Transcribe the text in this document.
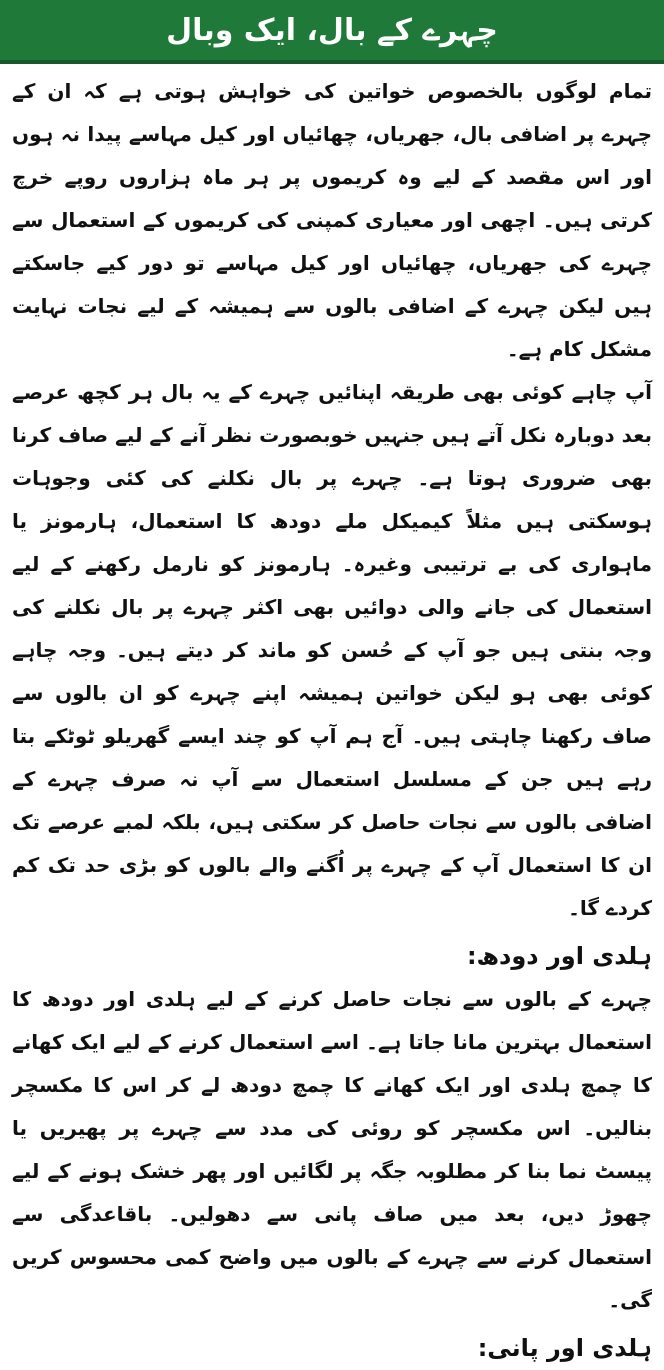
چہرے کے بال، ایک وبال

تمام لوگوں بالخصوص خواتین کی خواہش ہوتی ہے کہ ان کے چہرے پر اضافی بال، جھریاں، چھائیاں اور کیل مہاسے پیدا نہ ہوں اور اس مقصد کے لیے وہ کریموں پر ہر ماہ ہزاروں روپے خرچ کرتی ہیں۔ اچھی اور معیاری کمپنی کی کریموں کے استعمال سے چہرے کی جھریاں، چھائیاں اور کیل مہاسے تو دور کیے جاسکتے ہیں لیکن چہرے کے اضافی بالوں سے ہمیشہ کے لیے نجات نہایت مشکل کام ہے۔

آپ چاہے کوئی بھی طریقہ اپنائیں چہرے کے یہ بال ہر کچھ عرصے بعد دوبارہ نکل آتے ہیں جنہیں خوبصورت نظر آنے کے لیے صاف کرنا بھی ضروری ہوتا ہے۔ چہرے پر بال نکلنے کی کئی وجوہات ہوسکتی ہیں مثلاً کیمیکل ملے دودھ کا استعمال، ہارمونز یا ماہواری کی بے ترتیبی وغیرہ۔ ہارمونز کو نارمل رکھنے کے لیے استعمال کی جانے والی دوائیں بھی اکثر چہرے پر بال نکلنے کی وجہ بنتی ہیں جو آپ کے حُسن کو ماند کر دیتے ہیں۔ وجہ چاہے کوئی بھی ہو لیکن خواتین ہمیشہ اپنے چہرے کو ان بالوں سے صاف رکھنا چاہتی ہیں۔ آج ہم آپ کو چند ایسے گھریلو ٹوٹکے بتا رہے ہیں جن کے مسلسل استعمال سے آپ نہ صرف چہرے کے اضافی بالوں سے نجات حاصل کر سکتی ہیں، بلکہ لمبے عرصے تک ان کا استعمال آپ کے چہرے پر اُگنے والے بالوں کو بڑی حد تک کم کردے گا۔

ہلدی اور دودھ:

چہرے کے بالوں سے نجات حاصل کرنے کے لیے ہلدی اور دودھ کا استعمال بہترین مانا جاتا ہے۔ اسے استعمال کرنے کے لیے ایک کھانے کا چمچ ہلدی اور ایک کھانے کا چمچ دودھ لے کر اس کا مکسچر بنالیں۔ اس مکسچر کو روئی کی مدد سے چہرے پر پھیریں یا پیسٹ نما بنا کر مطلوبہ جگہ پر لگائیں اور پھر خشک ہونے کے لیے چھوڑ دیں، بعد میں صاف پانی سے دھولیں۔ باقاعدگی سے استعمال کرنے سے چہرے کے بالوں میں واضح کمی محسوس کریں گی۔

ہلدی اور پانی:
